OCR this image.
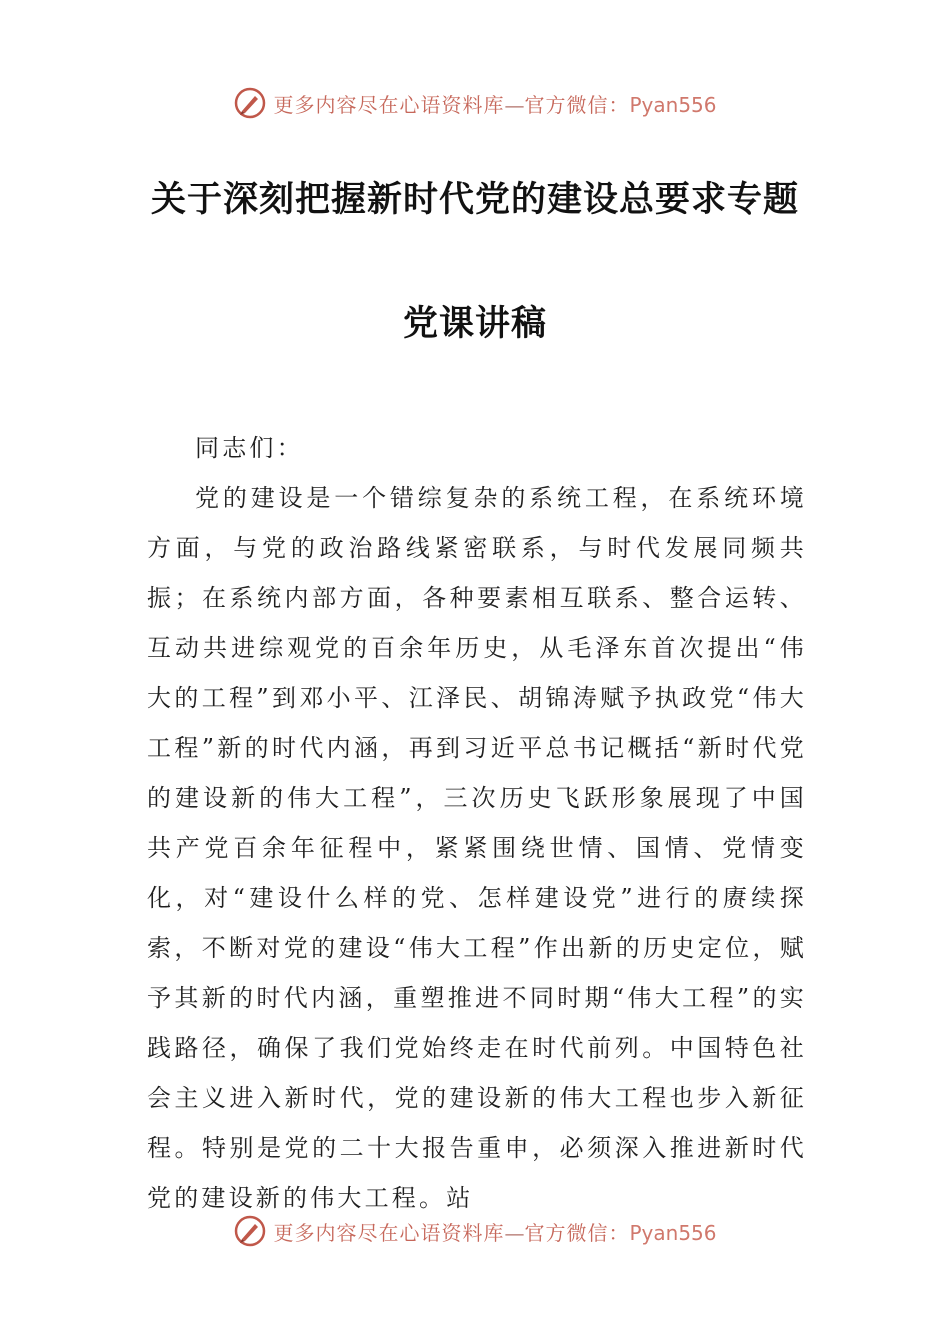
更多内容尽在心语资料库—官方微信：Pyan556
关于深刻把握新时代党的建设总要求专题
党课讲稿

同志们：

党的建设是一个错综复杂的系统工程，在系统环境方面，与党的政治路线紧密联系，与时代发展同频共振；在系统内部方面，各种要素相互联系、整合运转、互动共进综观党的百余年历史，从毛泽东首次提出“伟大的工程”到邓小平、江泽民、胡锦涛赋予执政党“伟大工程”新的时代内涵，再到习近平总书记概括“新时代党的建设新的伟大工程”，三次历史飞跃形象展现了中国共产党百余年征程中，紧紧围绕世情、国情、党情变化，对“建设什么样的党、怎样建设党”进行的赓续探索，不断对党的建设“伟大工程”作出新的历史定位，赋予其新的时代内涵，重塑推进不同时期“伟大工程”的实践路径，确保了我们党始终走在时代前列。中国特色社会主义进入新时代，党的建设新的伟大工程也步入新征程。特别是党的二十大报告重申，必须深入推进新时代党的建设新的伟大工程。站

更多内容尽在心语资料库—官方微信：Pyan556
